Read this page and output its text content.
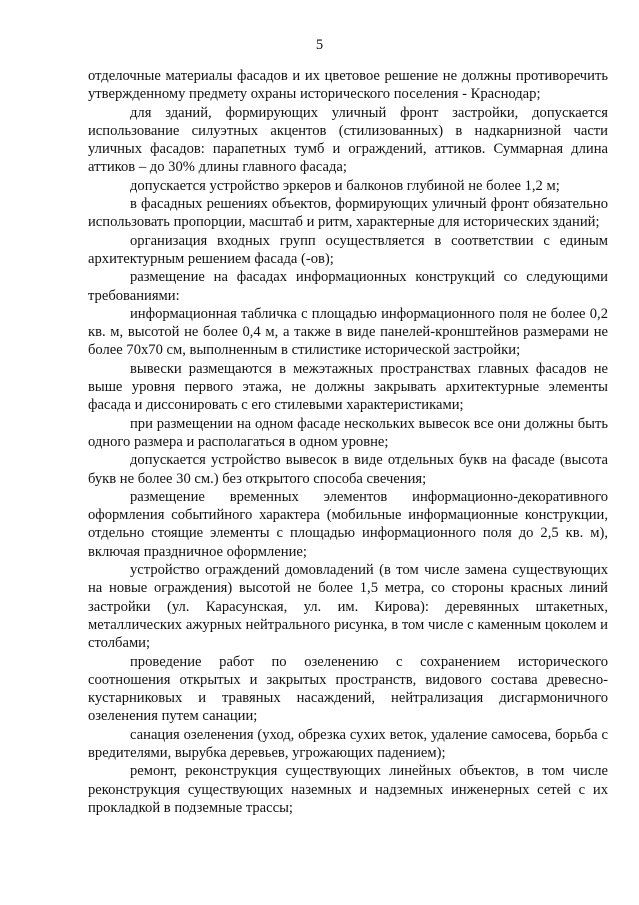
5

отделочные материалы фасадов и их цветовое решение не должны противоречить утвержденному предмету охраны исторического поселения - Краснодар;

для зданий, формирующих уличный фронт застройки, допускается использование силуэтных акцентов (стилизованных) в надкарнизной части уличных фасадов: парапетных тумб и ограждений, аттиков. Суммарная длина аттиков – до 30% длины главного фасада;

допускается устройство эркеров и балконов глубиной не более 1,2 м;

в фасадных решениях объектов, формирующих уличный фронт обязательно использовать пропорции, масштаб и ритм, характерные для исторических зданий;

организация входных групп осуществляется в соответствии с единым архитектурным решением фасада (-ов);

размещение на фасадах информационных конструкций со следующими требованиями:

информационная табличка с площадью информационного поля не более 0,2 кв. м, высотой не более 0,4 м, а также в виде панелей-кронштейнов размерами не более 70х70 см, выполненным в стилистике исторической застройки;

вывески размещаются в межэтажных пространствах главных фасадов не выше уровня первого этажа, не должны закрывать архитектурные элементы фасада и диссонировать с его стилевыми характеристиками;

при размещении на одном фасаде нескольких вывесок все они должны быть одного размера и располагаться в одном уровне;

допускается устройство вывесок в виде отдельных букв на фасаде (высота букв не более 30 см.) без открытого способа свечения;

размещение временных элементов информационно-декоративного оформления событийного характера (мобильные информационные конструкции, отдельно стоящие элементы с площадью информационного поля до 2,5 кв. м), включая праздничное оформление;

устройство ограждений домовладений (в том числе замена существующих на новые ограждения) высотой не более 1,5 метра, со стороны красных линий застройки (ул. Карасунская, ул. им. Кирова): деревянных штакетных, металлических ажурных нейтрального рисунка, в том числе с каменным цоколем и столбами;

проведение работ по озеленению с сохранением исторического соотношения открытых и закрытых пространств, видового состава древесно-кустарниковых и травяных насаждений, нейтрализация дисгармоничного озеленения путем санации;

санация озеленения (уход, обрезка сухих веток, удаление самосева, борьба с вредителями, вырубка деревьев, угрожающих падением);

ремонт, реконструкция существующих линейных объектов, в том числе реконструкция существующих наземных и надземных инженерных сетей с их прокладкой в подземные трассы;
